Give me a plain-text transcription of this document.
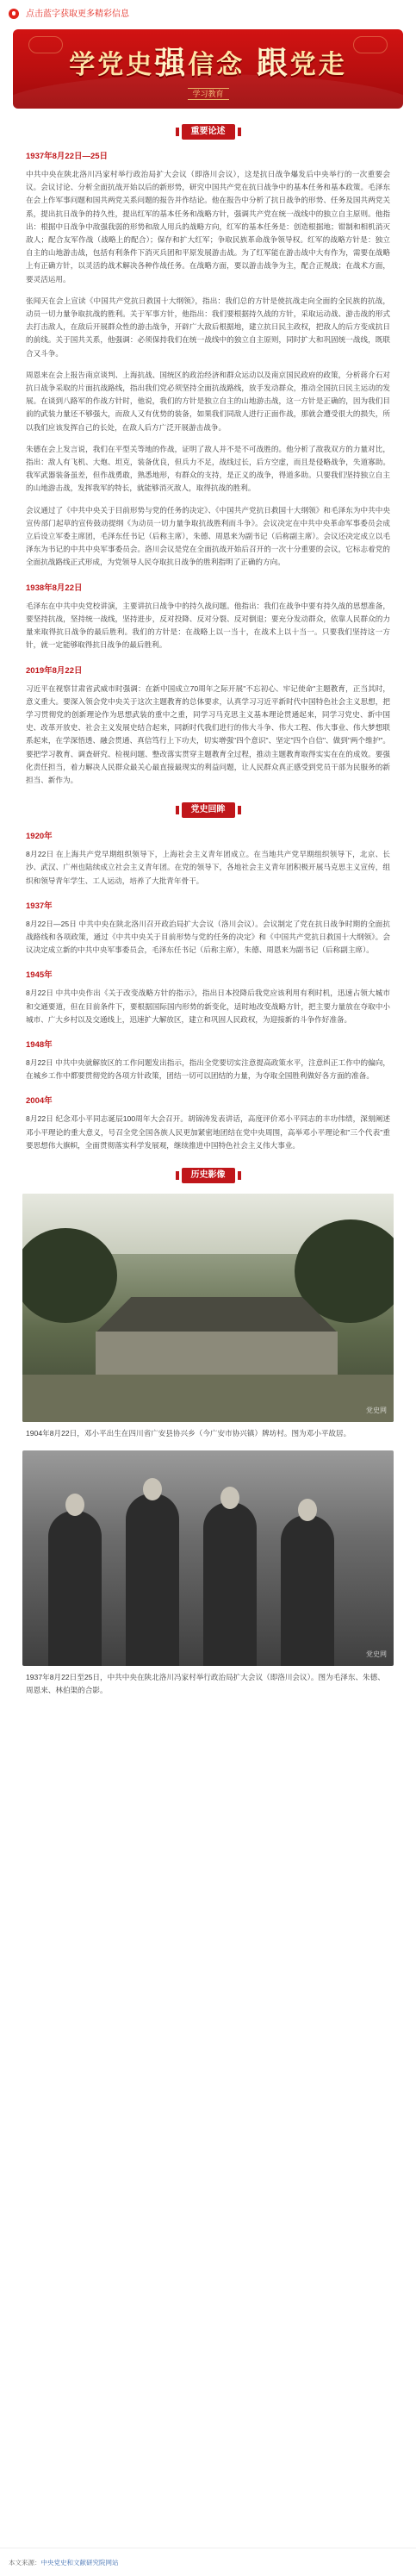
点击蓝字获取更多精彩信息
学党史强信念 跟党走
学习教育
重要论述
1937年8月22日—25日

中共中央在陕北洛川冯家村举行政治局扩大会议（即洛川会议），这是抗日战争爆发后中央举行的一次重要会议。会议讨论、分析全面抗战开始以后的新形势，研究中国共产党在抗日战争中的基本任务和基本政策。毛泽东在会上作军事问题和国共两党关系问题的报告并作结论。他在报告中分析了抗日战争的形势、任务及国共两党关系，提出抗日战争的持久性，提出红军的基本任务和战略方针，强调共产党在统一战线中的独立自主原则。他指出：根据中日战争中敌强我弱的形势和敌人用兵的战略方向，红军的基本任务是：创造根据地；钳制和相机消灭敌人；配合友军作战（战略上的配合）；保存和扩大红军；争取民族革命战争领导权。红军的战略方针是：独立自主的山地游击战，包括有利条件下消灭兵团和平原发展游击战。为了红军能在游击战中大有作为，需要在战略上有正确方针，以灵活的战术解决各种作战任务。在战略方面，要以游击战争为主，配合正规战；在战术方面，要灵活运用。

张闻天在会上宣读《中国共产党抗日救国十大纲领》，指出：我们总的方针是使抗战走向全面的全民族的抗战，动员一切力量争取抗战的胜利。关于军事方针，他指出：我们要根据持久战的方针，采取运动战、游击战的形式去打击敌人，在敌后开展群众性的游击战争，开辟广大敌后根据地，建立抗日民主政权，把敌人的后方变成抗日的前线。关于国共关系，他强调：必须保持我们在统一战线中的独立自主原则，同时扩大和巩固统一战线，既联合又斗争。

周恩来在会上报告南京谈判、上海抗战、国统区的政治经济和群众运动以及南京国民政府的政策，分析蒋介石对抗日战争采取的片面抗战路线，指出我们党必须坚持全面抗战路线，放手发动群众，推动全国抗日民主运动的发展。在谈到八路军的作战方针时，他说，我们的方针是独立自主的山地游击战，这一方针是正确的，因为我们目前的武装力量还不够强大，而敌人又有优势的装备，如果我们同敌人进行正面作战，那就会遭受很大的损失，所以我们应该发挥自己的长处，在敌人后方广泛开展游击战争。

朱德在会上发言说，我们在平型关等地的作战，证明了敌人并不是不可战胜的。他分析了敌我双方的力量对比，指出：敌人有飞机、大炮、坦克，装备优良，但兵力不足，战线过长，后方空虚，而且是侵略战争，失道寡助。我军武器装备虽差，但作战勇敢，熟悉地形，有群众的支持，是正义的战争，得道多助。只要我们坚持独立自主的山地游击战，发挥我军的特长，就能够消灭敌人，取得抗战的胜利。

会议通过了《中共中央关于目前形势与党的任务的决定》、《中国共产党抗日救国十大纲领》和毛泽东为中共中央宣传部门起草的宣传鼓动提纲《为动员一切力量争取抗战胜利而斗争》。会议决定在中共中央革命军事委员会成立后设立军委主席团，毛泽东任书记（后称主席），朱德、周恩来为副书记（后称副主席）。会议还决定成立以毛泽东为书记的中共中央军事委员会。洛川会议是党在全面抗战开始后召开的一次十分重要的会议，它标志着党的全面抗战路线正式形成，为党领导人民夺取抗日战争的胜利指明了正确的方向。

1938年8月22日

毛泽东在中共中央党校讲演，主要讲抗日战争中的持久战问题。他指出：我们在战争中要有持久战的思想准备，要坚持抗战，坚持统一战线，坚持进步，反对投降、反对分裂、反对倒退；要充分发动群众，依靠人民群众的力量来取得抗日战争的最后胜利。我们的方针是：在战略上以一当十，在战术上以十当一。只要我们坚持这一方针，就一定能够取得抗日战争的最后胜利。

2019年8月22日

习近平在视察甘肃省武威市时强调：在新中国成立70周年之际开展"不忘初心、牢记使命"主题教育，正当其时，意义重大。要深入领会党中央关于这次主题教育的总体要求，认真学习习近平新时代中国特色社会主义思想，把学习贯彻党的创新理论作为思想武装的重中之重，同学习马克思主义基本理论贯通起来，同学习党史、新中国史、改革开放史、社会主义发展史结合起来，同新时代我们进行的伟大斗争、伟大工程、伟大事业、伟大梦想联系起来，在学深悟透、融会贯通、真信笃行上下功夫，切实增强"四个意识"、坚定"四个自信"、做到"两个维护"。要把学习教育、调查研究、检视问题、整改落实贯穿主题教育全过程，推动主题教育取得实实在在的成效。要强化责任担当，着力解决人民群众最关心最直接最现实的利益问题，让人民群众真正感受到党员干部为民服务的新担当、新作为。

党史回眸
1920年

8月22日 在上海共产党早期组织领导下，上海社会主义青年团成立。在当地共产党早期组织领导下，北京、长沙、武汉、广州也陆续成立社会主义青年团。在党的领导下，各地社会主义青年团积极开展马克思主义宣传，组织和领导青年学生、工人运动，培养了大批青年骨干。

1937年

8月22日—25日 中共中央在陕北洛川召开政治局扩大会议（洛川会议）。会议制定了党在抗日战争时期的全面抗战路线和各项政策，通过《中共中央关于目前形势与党的任务的决定》和《中国共产党抗日救国十大纲领》。会议决定成立新的中共中央军事委员会，毛泽东任书记（后称主席），朱德、周恩来为副书记（后称副主席）。

1945年

8月22日 中共中央作出《关于改变战略方针的指示》，指出日本投降后我党应该利用有利时机，迅速占领大城市和交通要道，但在目前条件下，要根据国际国内形势的新变化，适时地改变战略方针，把主要力量放在夺取中小城市、广大乡村以及交通线上，迅速扩大解放区，建立和巩固人民政权，为迎接新的斗争作好准备。

1948年

8月22日 中共中央就解放区的工作问题发出指示，指出全党要切实注意提高政策水平，注意纠正工作中的偏向，在城乡工作中都要贯彻党的各项方针政策，团结一切可以团结的力量，为夺取全国胜利做好各方面的准备。

2004年

8月22日 纪念邓小平同志诞辰100周年大会召开。胡锦涛发表讲话，高度评价邓小平同志的丰功伟绩，深刻阐述邓小平理论的重大意义，号召全党全国各族人民更加紧密地团结在党中央周围，高举邓小平理论和"三个代表"重要思想伟大旗帜，全面贯彻落实科学发展观，继续推进中国特色社会主义伟大事业。

历史影像
党史网

1904年8月22日，邓小平出生在四川省广安县协兴乡（今广安市协兴镇）牌坊村。图为邓小平故居。

党史网

1937年8月22日至25日，中共中央在陕北洛川冯家村举行政治局扩大会议（即洛川会议）。图为毛泽东、朱德、周恩来、林伯渠的合影。

本文来源： 中央党史和文献研究院网站
